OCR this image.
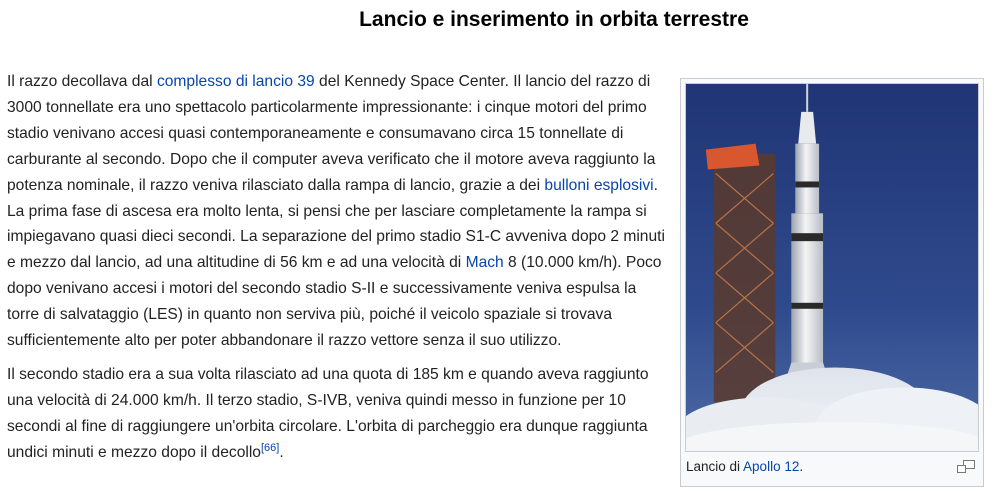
Lancio e inserimento in orbita terrestre

Il razzo decollava dal complesso di lancio 39 del Kennedy Space Center. Il lancio del razzo di 3000 tonnellate era uno spettacolo particolarmente impressionante: i cinque motori del primo stadio venivano accesi quasi contemporaneamente e consumavano circa 15 tonnellate di carburante al secondo. Dopo che il computer aveva verificato che il motore aveva raggiunto la potenza nominale, il razzo veniva rilasciato dalla rampa di lancio, grazie a dei bulloni esplosivi. La prima fase di ascesa era molto lenta, si pensi che per lasciare completamente la rampa si impiegavano quasi dieci secondi. La separazione del primo stadio S1-C avveniva dopo 2 minuti e mezzo dal lancio, ad una altitudine di 56 km e ad una velocità di Mach 8 (10.000 km/h). Poco dopo venivano accesi i motori del secondo stadio S-II e successivamente veniva espulsa la torre di salvataggio (LES) in quanto non serviva più, poiché il veicolo spaziale si trovava sufficientemente alto per poter abbandonare il razzo vettore senza il suo utilizzo.

Il secondo stadio era a sua volta rilasciato ad una quota di 185 km e quando aveva raggiunto una velocità di 24.000 km/h. Il terzo stadio, S-IVB, veniva quindi messo in funzione per 10 secondi al fine di raggiungere un'orbita circolare. L'orbita di parcheggio era dunque raggiunta undici minuti e mezzo dopo il decollo[66].

Lancio di Apollo 12.
